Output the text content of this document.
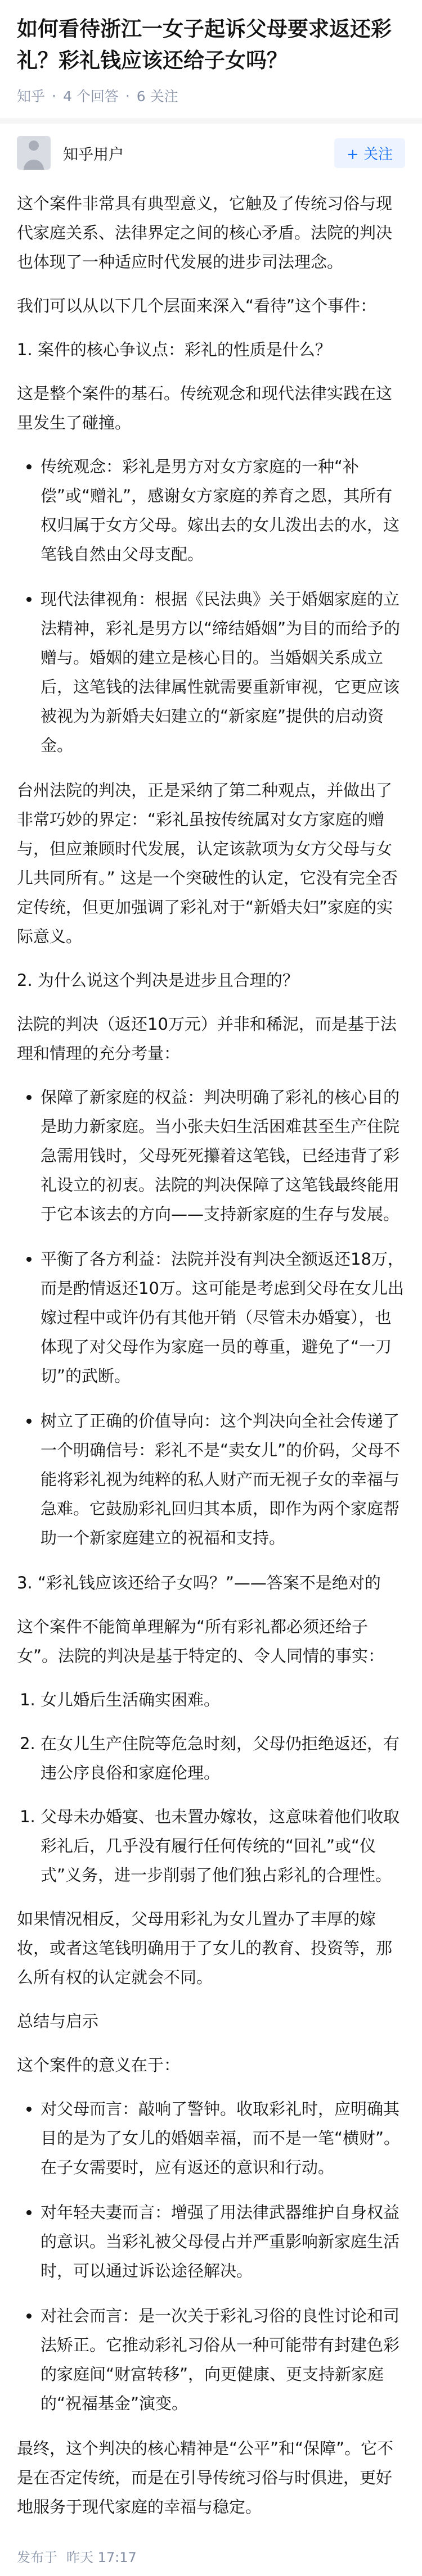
如何看待浙江一女子起诉父母要求返还彩礼？彩礼钱应该还给子女吗？
知乎 · 4 个回答 · 6 关注
知乎用户	+ 关注

这个案件非常具有典型意义，它触及了传统习俗与现代家庭关系、法律界定之间的核心矛盾。法院的判决也体现了一种适应时代发展的进步司法理念。

我们可以从以下几个层面来深入“看待”这个事件：

1. 案件的核心争议点：彩礼的性质是什么？

这是整个案件的基石。传统观念和现代法律实践在这里发生了碰撞。

• 传统观念：彩礼是男方对女方家庭的一种“补偿”或“赠礼”，感谢女方家庭的养育之恩，其所有权归属于女方父母。嫁出去的女儿泼出去的水，这笔钱自然由父母支配。
• 现代法律视角：根据《民法典》关于婚姻家庭的立法精神，彩礼是男方以“缔结婚姻”为目的而给予的赠与。婚姻的建立是核心目的。当婚姻关系成立后，这笔钱的法律属性就需要重新审视，它更应该被视为为新婚夫妇建立的“新家庭”提供的启动资金。

台州法院的判决，正是采纳了第二种观点，并做出了非常巧妙的界定：“彩礼虽按传统属对女方家庭的赠与，但应兼顾时代发展，认定该款项为女方父母与女儿共同所有。” 这是一个突破性的认定，它没有完全否定传统，但更加强调了彩礼对于“新婚夫妇”家庭的实际意义。

2. 为什么说这个判决是进步且合理的？

法院的判决（返还10万元）并非和稀泥，而是基于法理和情理的充分考量：

• 保障了新家庭的权益：判决明确了彩礼的核心目的是助力新家庭。当小张夫妇生活困难甚至生产住院急需用钱时，父母死死攥着这笔钱，已经违背了彩礼设立的初衷。法院的判决保障了这笔钱最终能用于它本该去的方向——支持新家庭的生存与发展。
• 平衡了各方利益：法院并没有判决全额返还18万，而是酌情返还10万。这可能是考虑到父母在女儿出嫁过程中或许仍有其他开销（尽管未办婚宴），也体现了对父母作为家庭一员的尊重，避免了“一刀切”的武断。
• 树立了正确的价值导向：这个判决向全社会传递了一个明确信号：彩礼不是“卖女儿”的价码，父母不能将彩礼视为纯粹的私人财产而无视子女的幸福与急难。它鼓励彩礼回归其本质，即作为两个家庭帮助一个新家庭建立的祝福和支持。

3. “彩礼钱应该还给子女吗？”——答案不是绝对的

这个案件不能简单理解为“所有彩礼都必须还给子女”。法院的判决是基于特定的、令人同情的事实：

1. 女儿婚后生活确实困难。
2. 在女儿生产住院等危急时刻，父母仍拒绝返还，有违公序良俗和家庭伦理。
1. 父母未办婚宴、也未置办嫁妆，这意味着他们收取彩礼后，几乎没有履行任何传统的“回礼”或“仪式”义务，进一步削弱了他们独占彩礼的合理性。

如果情况相反，父母用彩礼为女儿置办了丰厚的嫁妆，或者这笔钱明确用于了女儿的教育、投资等，那么所有权的认定就会不同。

总结与启示

这个案件的意义在于：

• 对父母而言：敲响了警钟。收取彩礼时，应明确其目的是为了女儿的婚姻幸福，而不是一笔“横财”。在子女需要时，应有返还的意识和行动。
• 对年轻夫妻而言：增强了用法律武器维护自身权益的意识。当彩礼被父母侵占并严重影响新家庭生活时，可以通过诉讼途径解决。
• 对社会而言：是一次关于彩礼习俗的良性讨论和司法矫正。它推动彩礼习俗从一种可能带有封建色彩的家庭间“财富转移”，向更健康、更支持新家庭的“祝福基金”演变。

最终，这个判决的核心精神是“公平”和“保障”。它不是在否定传统，而是在引导传统习俗与时俱进，更好地服务于现代家庭的幸福与稳定。

发布于 昨天 17:17
